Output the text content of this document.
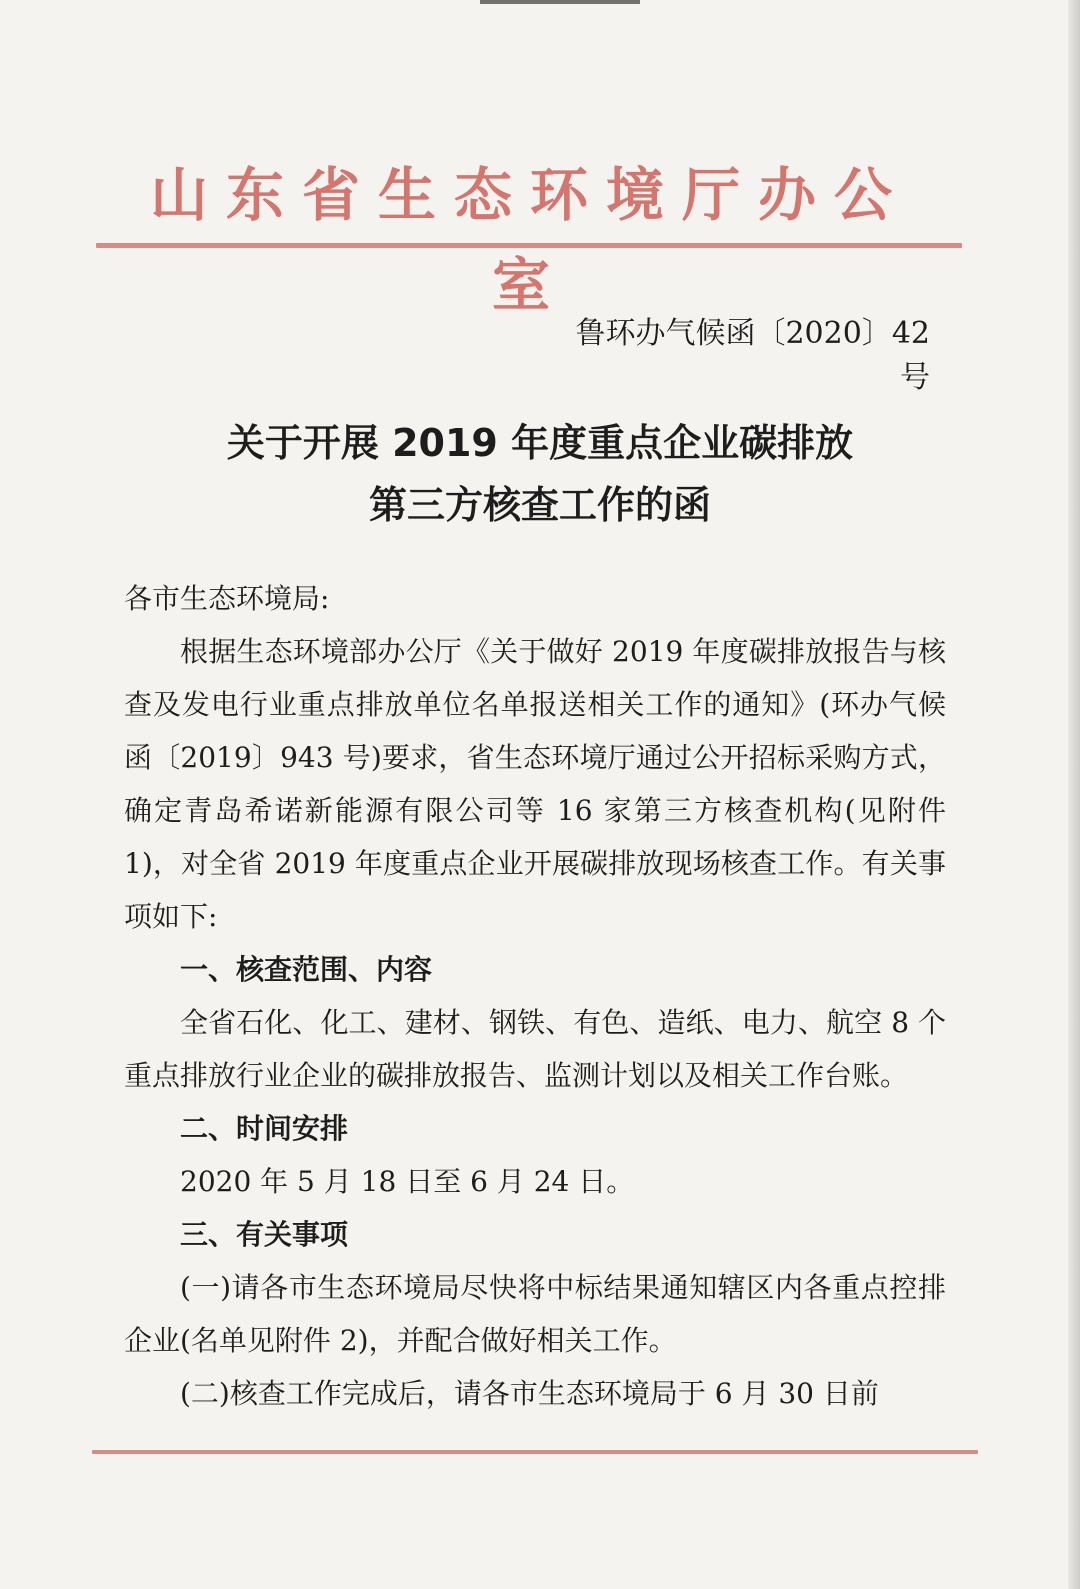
山东省生态环境厅办公室
鲁环办气候函〔2020〕42 号
关于开展 2019 年度重点企业碳排放
第三方核查工作的函

各市生态环境局:

根据生态环境部办公厅《关于做好 2019 年度碳排放报告与核查及发电行业重点排放单位名单报送相关工作的通知》(环办气候函〔2019〕943 号)要求，省生态环境厅通过公开招标采购方式，确定青岛希诺新能源有限公司等 16 家第三方核查机构(见附件 1)，对全省 2019 年度重点企业开展碳排放现场核查工作。有关事项如下:

一、核查范围、内容

全省石化、化工、建材、钢铁、有色、造纸、电力、航空 8 个重点排放行业企业的碳排放报告、监测计划以及相关工作台账。

二、时间安排

2020 年 5 月 18 日至 6 月 24 日。

三、有关事项

(一)请各市生态环境局尽快将中标结果通知辖区内各重点控排企业(名单见附件 2)，并配合做好相关工作。

(二)核查工作完成后，请各市生态环境局于 6 月 30 日前
